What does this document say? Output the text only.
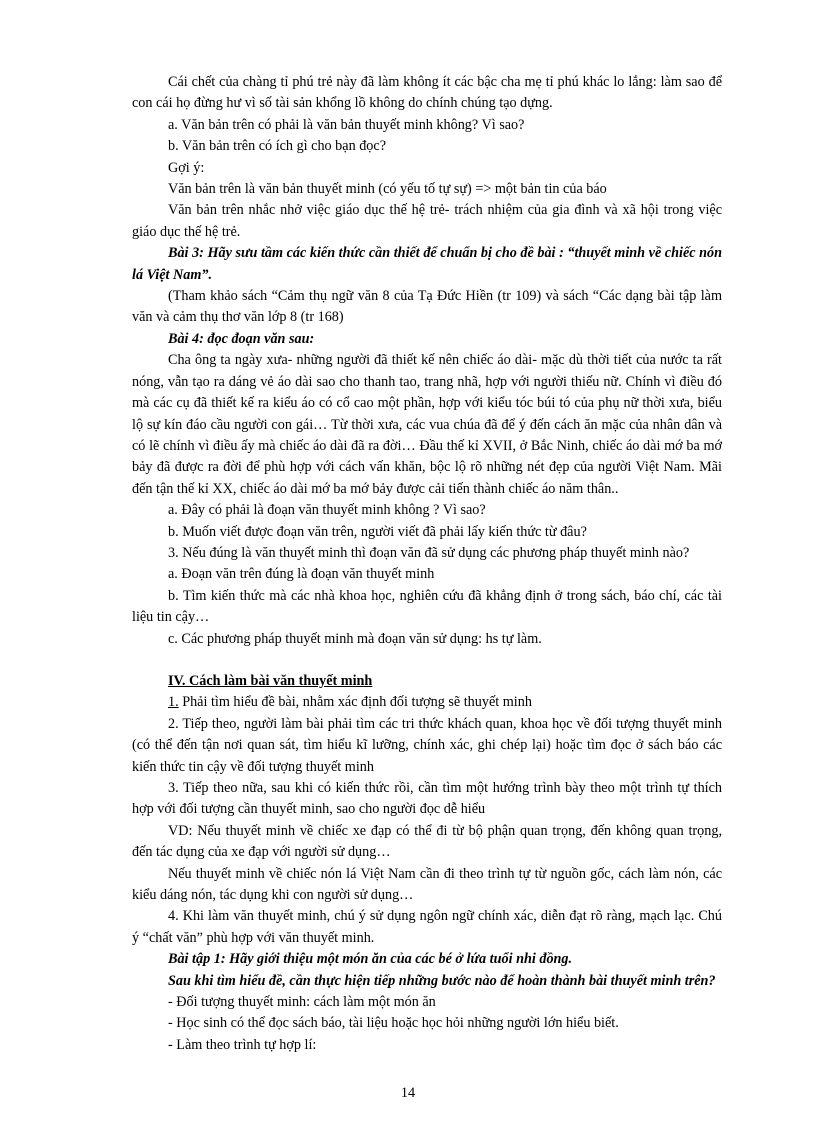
Cái chết của chàng tỉ phú trẻ này đã làm không ít các bậc cha mẹ tỉ phú khác lo lắng: làm sao để con cái họ đừng hư vì số tài sản khổng lồ không do chính chúng tạo dựng.

a. Văn bản trên có phải là văn bản thuyết minh không? Vì sao?

b. Văn bản trên có ích gì cho bạn đọc?

Gợi ý:

Văn bản trên là văn bản thuyết minh (có yếu tố tự sự) => một bản tin của báo

Văn bản trên nhắc nhở việc giáo dục thế hệ trẻ- trách nhiệm của gia đình và xã hội trong việc giáo dục thế hệ trẻ.

Bài 3: Hãy sưu tầm các kiến thức cần thiết để chuẩn bị cho đề bài : “thuyết minh về chiếc nón lá Việt Nam”.

(Tham khảo sách “Cảm thụ ngữ văn 8 của Tạ Đức Hiền (tr 109) và sách “Các dạng bài tập làm văn và cảm thụ thơ văn lớp 8 (tr 168)

Bài 4: đọc đoạn văn sau:

Cha ông ta ngày xưa- những người đã thiết kế nên chiếc áo dài- mặc dù thời tiết của nước ta rất nóng, vẫn tạo ra dáng vẻ áo dài sao cho thanh tao, trang nhã, hợp với người thiếu nữ. Chính vì điều đó mà các cụ đã thiết kế ra kiểu áo có cổ cao một phần, hợp với kiểu tóc búi tó của phụ nữ thời xưa, biểu lộ sự kín đáo cầu người con gái… Từ thời xưa, các vua chúa đã để ý đến cách ăn mặc của nhân dân và có lẽ chính vì điều ấy mà chiếc áo dài đã ra đời… Đầu thế kỉ XVII, ở Bắc Ninh, chiếc áo dài mớ ba mớ bảy đã được ra đời để phù hợp với cách vấn khăn, bộc lộ rõ những nét đẹp của người Việt Nam. Mãi đến tận thế kỉ XX, chiếc áo dài mớ ba mớ bảy được cải tiến thành chiếc áo năm thân..

a. Đây có phải là đoạn văn thuyết minh không ? Vì sao?

b. Muốn viết được đoạn văn trên, người viết đã phải lấy kiến thức từ đâu?

3. Nếu đúng là văn thuyết minh thì đoạn văn đã sử dụng các phương pháp thuyết minh nào?

a. Đoạn văn trên đúng là đoạn văn thuyết minh

b. Tìm kiến thức mà các nhà khoa học, nghiên cứu đã khẳng định ở trong sách, báo chí, các tài liệu tin cậy…

c. Các phương pháp thuyết minh mà đoạn văn sử dụng: hs tự làm.

IV. Cách làm bài văn thuyết minh

1. Phải tìm hiểu đề bài, nhằm xác định đối tượng sẽ thuyết minh

2. Tiếp theo, người làm bài phải tìm các tri thức khách quan, khoa học về đối tượng thuyết minh (có thể đến tận nơi quan sát, tìm hiểu kĩ lưỡng, chính xác, ghi chép lại) hoặc tìm đọc ở sách báo các kiến thức tin cậy về đối tượng thuyết minh

3. Tiếp theo nữa, sau khi có kiến thức rồi, cần tìm một hướng trình bày theo một trình tự thích hợp với đối tượng cần thuyết minh, sao cho người đọc dễ hiểu

VD: Nếu thuyết minh về chiếc xe đạp có thể đi từ bộ phận quan trọng, đến không quan trọng, đến tác dụng của xe đạp với người sử dụng…

Nếu thuyết minh về chiếc nón lá Việt Nam cần đi theo trình tự từ nguồn gốc, cách làm nón, các kiểu dáng nón, tác dụng khi con người sử dụng…

4. Khi làm văn thuyết minh, chú ý sử dụng ngôn ngữ chính xác, diễn đạt rõ ràng, mạch lạc. Chú ý “chất văn” phù hợp với văn thuyết minh.

Bài tập 1: Hãy giới thiệu một món ăn của các bé ở lứa tuổi nhi đồng.

Sau khi tìm hiểu đề, cần thực hiện tiếp những bước nào để hoàn thành bài thuyết minh trên?

- Đối tượng thuyết minh: cách làm một món ăn

- Học sinh có thể đọc sách báo, tài liệu hoặc học hỏi những người lớn hiểu biết.

- Làm theo trình tự hợp lí:

14
